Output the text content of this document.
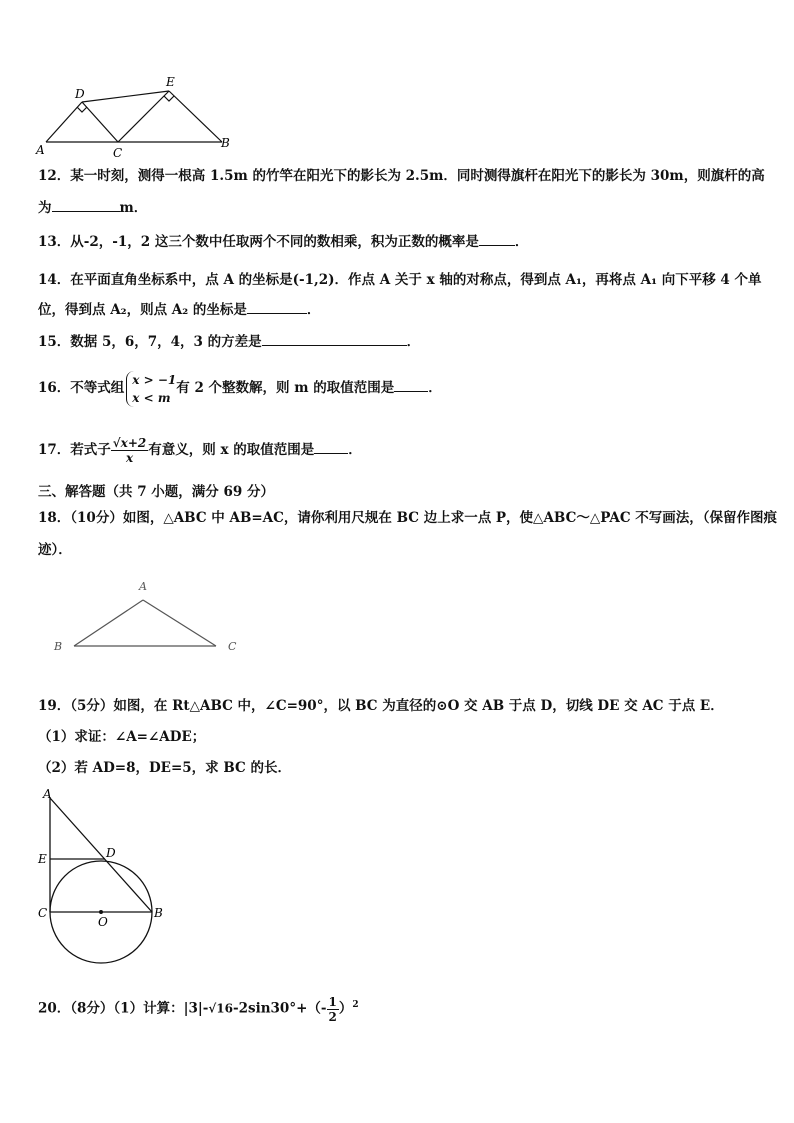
A
D
E
C
B
12．某一时刻，测得一根高 1.5m 的竹竿在阳光下的影长为 2.5m．同时测得旗杆在阳光下的影长为 30m，则旗杆的高
为	m．
13．从-2，-1，2 这三个数中任取两个不同的数相乘，积为正数的概率是	．
14．在平面直角坐标系中，点 A 的坐标是(-1,2)．作点 A 关于 x 轴的对称点，得到点 A₁，再将点 A₁ 向下平移 4 个单
位，得到点 A₂，则点 A₂ 的坐标是	．
15．数据 5，6，7，4，3 的方差是	．
16．不等式组
x > −1
x < m
有 2 个整数解，则 m 的取值范围是	．
17．若式子 $\frac{√x+2}{x}$ 有意义，则 x 的取值范围是	．
三、解答题（共 7 小题，满分 69 分）
18．（10分）如图，△ABC 中 AB=AC，请你利用尺规在 BC 边上求一点 P，使△ABC～△PAC 不写画法，（保留作图痕
迹）．
A
B	C
19．（5分）如图，在 Rt△ABC 中，∠C=90°，以 BC 为直径的⊙O 交 AB 于点 D，切线 DE 交 AC 于点 E．
（1）求证：∠A=∠ADE；
（2）若 AD=8，DE=5，求 BC 的长．
A
E	D
C	B
O
20．（8分）（1）计算：$|3|-√16-2\sin 30^\circ+(- \frac{1}{2} )^2$
